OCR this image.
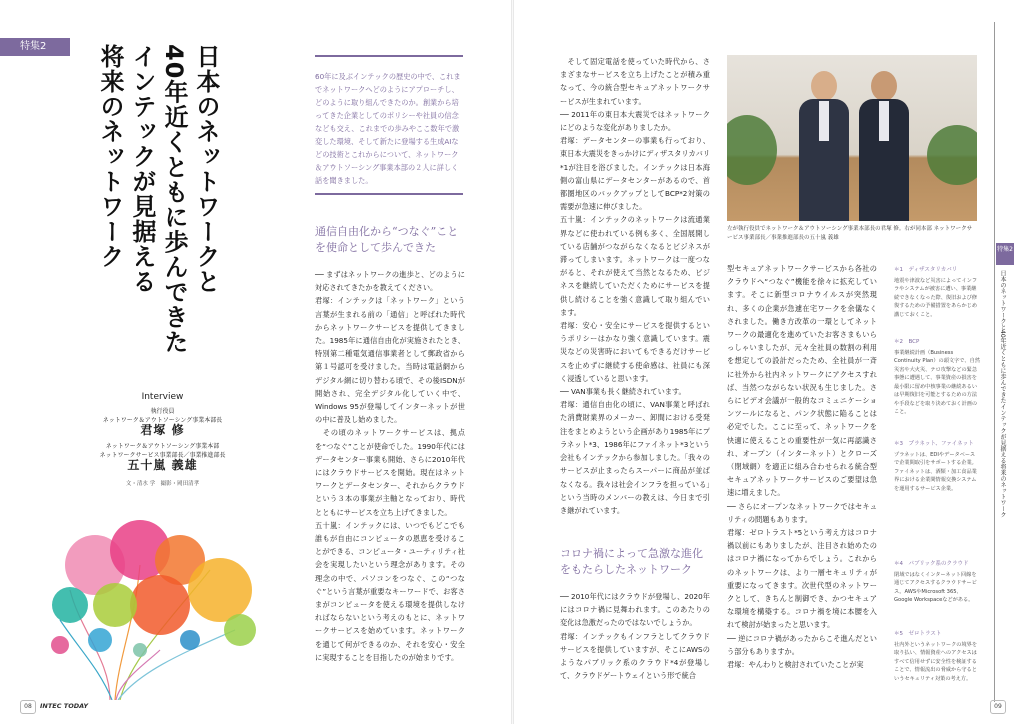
特集2	将来のネットワーク インテックが見据える 40年近くともに歩んできた 日本のネットワークと	60年に及ぶインテックの歴史の中で、これまでネットワークへどのようにアプローチし、どのように取り組んできたのか。創業から培ってきた企業としてのポリシーや社員の信念なども交え、これまでの歩みやここ数年で激変した環境、そして新たに登場する生成AIなどの技術とこれからについて、ネットワーク＆アウトソーシング事業本部の２人に詳しく話を聞きました。
Interview
執行役員
ネットワーク＆アウトソーシング事業本部長
君塚 修
ネットワーク＆アウトソーシング事業本部
ネットワークサービス事業部長／事業推進部長
五十嵐 義雄
文・清水 学　撮影・岡田清孝
通信自由化から“つなぐ”ことを使命として歩んできた
── まずはネットワークの進歩と、どのように対応されてきたかを教えてください。
君塚：インテックは「ネットワーク」という言葉が生まれる前の「通信」と呼ばれた時代からネットワークサービスを提供してきました。1985年に通信自由化が実施されたとき、特別第二種電気通信事業者として郵政省から第１号認可を受けました。当時は電話網からデジタル網に切り替わる頃で、その後ISDNが開始され、完全デジタル化していく中で、Windows 95が登場してインターネットが世の中に普及し始めました。
　その頃のネットワークサービスは、拠点を“つなぐ”ことが使命でした。1990年代にはデータセンター事業も開始、さらに2010年代にはクラウドサービスを開始。現在はネットワークとデータセンター、それからクラウドという３本の事業が主軸となっており、時代とともにサービスを立ち上げてきました。
五十嵐：インテックには、いつでもどこでも誰もが自由にコンピュータの恩恵を受けることができる、コンピュータ・ユーティリティ社会を実現したいという理念があります。その理念の中で、パソコンをつなぐ、この“つなぐ”という言葉が重要なキーワードで、お客さまがコンピュータを使える環境を提供しなければならないという考えのもとに、ネットワークサービスを始めています。ネットワークを通じて何ができるのか、それを安心・安全に実現することを目指したのが始まりです。
　そして固定電話を使っていた時代から、さまざまなサービスを立ち上げたことが積み重なって、今の統合型セキュアネットワークサービスが生まれています。
── 2011年の東日本大震災ではネットワークにどのような変化がありましたか。
君塚：データセンターの事業も行っており、東日本大震災をきっかけにディザスタリカバリ*1が注目を浴びました。インテックは日本海側の富山県にデータセンターがあるので、首都圏地区のバックアップとしてBCP*2対策の需要が急速に伸びました。
五十嵐：インテックのネットワークは流通業界などに使われている例も多く、全国展開している店舗がつながらなくなるとビジネスが滞ってしまいます。ネットワークは一度つながると、それが使えて当然となるため、ビジネスを継続していただくためにサービスを提供し続けることを強く意識して取り組んでいます。
君塚：安心・安全にサービスを提供するというポリシーはかなり強く意識しています。震災などの災害時においてもできるだけサービスを止めずに継続する使命感は、社員にも深く浸透していると思います。
── VAN事業も長く継続されています。
君塚：通信自由化の頃に、VAN事業と呼ばれた消費財業界のメーカー、卸間における受発注をまとめようという企画があり1985年にプラネット*3、1986年にファイネット*3という会社もインテックから参加しました。「我々のサービスが止まったらスーパーに商品が並ばなくなる。我々は社会インフラを担っている」という当時のメンバーの教えは、今日まで引き継がれています。
コロナ禍によって急激な進化をもたらしたネットワーク
── 2010年代にはクラウドが登場し、2020年にはコロナ禍に見舞われます。このあたりの変化は急激だったのではないでしょうか。
君塚：インテックもインフラとしてクラウドサービスを提供していますが、そこにAWSのようなパブリック系のクラウド*4が登場して、クラウドゲートウェイという形で統合
左が執行役員でネットワーク＆アウトソーシング事業本部長の君塚 修。右が同本部 ネットワークサービス事業部長／事業推進部長の五十嵐 義雄
型セキュアネットワークサービスから各社のクラウドへ“つなぐ”機能を徐々に拡充しています。そこに新型コロナウイルスが突然現れ、多くの企業が急遽在宅ワークを余儀なくされました。働き方改革の一環としてネットワークの最適化を進めていたお客さまもいらっしゃいましたが、元々全社員の数割の利用を想定しての設計だったため、全社員が一斉に社外から社内ネットワークにアクセスすれば、当然つながらない状況も生じました。さらにビデオ会議が一般的なコミュニケーションツールになると、パンク状態に陥ることは必定でした。ここに至って、ネットワークを快適に使えることの重要性が一気に再認識され、オープン（インターネット）とクローズ（閉域網）を適正に組み合わせられる統合型セキュアネットワークサービスのご要望は急速に増えました。
── さらにオープンなネットワークではセキュリティの問題もあります。
君塚：ゼロトラスト*5という考え方はコロナ禍以前にもありましたが、注目され始めたのはコロナ禍になってからでしょう。これからのネットワークは、より一層セキュリティが重要になってきます。次世代型のネットワークとして、きちんと制御でき、かつセキュアな環境を構築する。コロナ禍を境に本腰を入れて検討が始まったと思います。
── 逆にコロナ禍があったからこそ進んだという部分もありますか。
君塚：やんわりと検討されていたことが実
＊1　ディザスタリカバリ
地震や津波など災害によってインフラやシステムが被害に遭い、事業継続できなくなった際、復旧および修復するための予備措置をあらかじめ講じておくこと。
＊2　BCP
事業継続計画（Business Continuity Plan）の頭文字で、自然災害や大火災、テロ攻撃などの緊急事態に遭遇して、事業資産の損害を最小限に留め中核事業の継続あるいは早期復旧を可能とするための方法や手段などを取り決めておく計画のこと。
＊3　プラネット、ファイネット
プラネットは、EDIやデータベースで企業間取引をサポートする企業。ファイネットは、酒類・加工食品業界における企業間情報交換システムを運用するサービス企業。
＊4　パブリック系のクラウド
閉域ではなくインターネット回線を通じてアクセスするクラウドサービス。AWSやMicrosoft 365、Google Workspaceなどがある。
＊5　ゼロトラスト
社内外というネットワークの境界を取り払い、情報資産へのアクセスはすべて信用せずに安全性を検証することで、情報流出の脅威から守るというセキュリティ対策の考え方。
特集2
日本のネットワークと40年近くともに歩んできたインテックが見据える将来のネットワーク
08	INTEC TODAY	09
